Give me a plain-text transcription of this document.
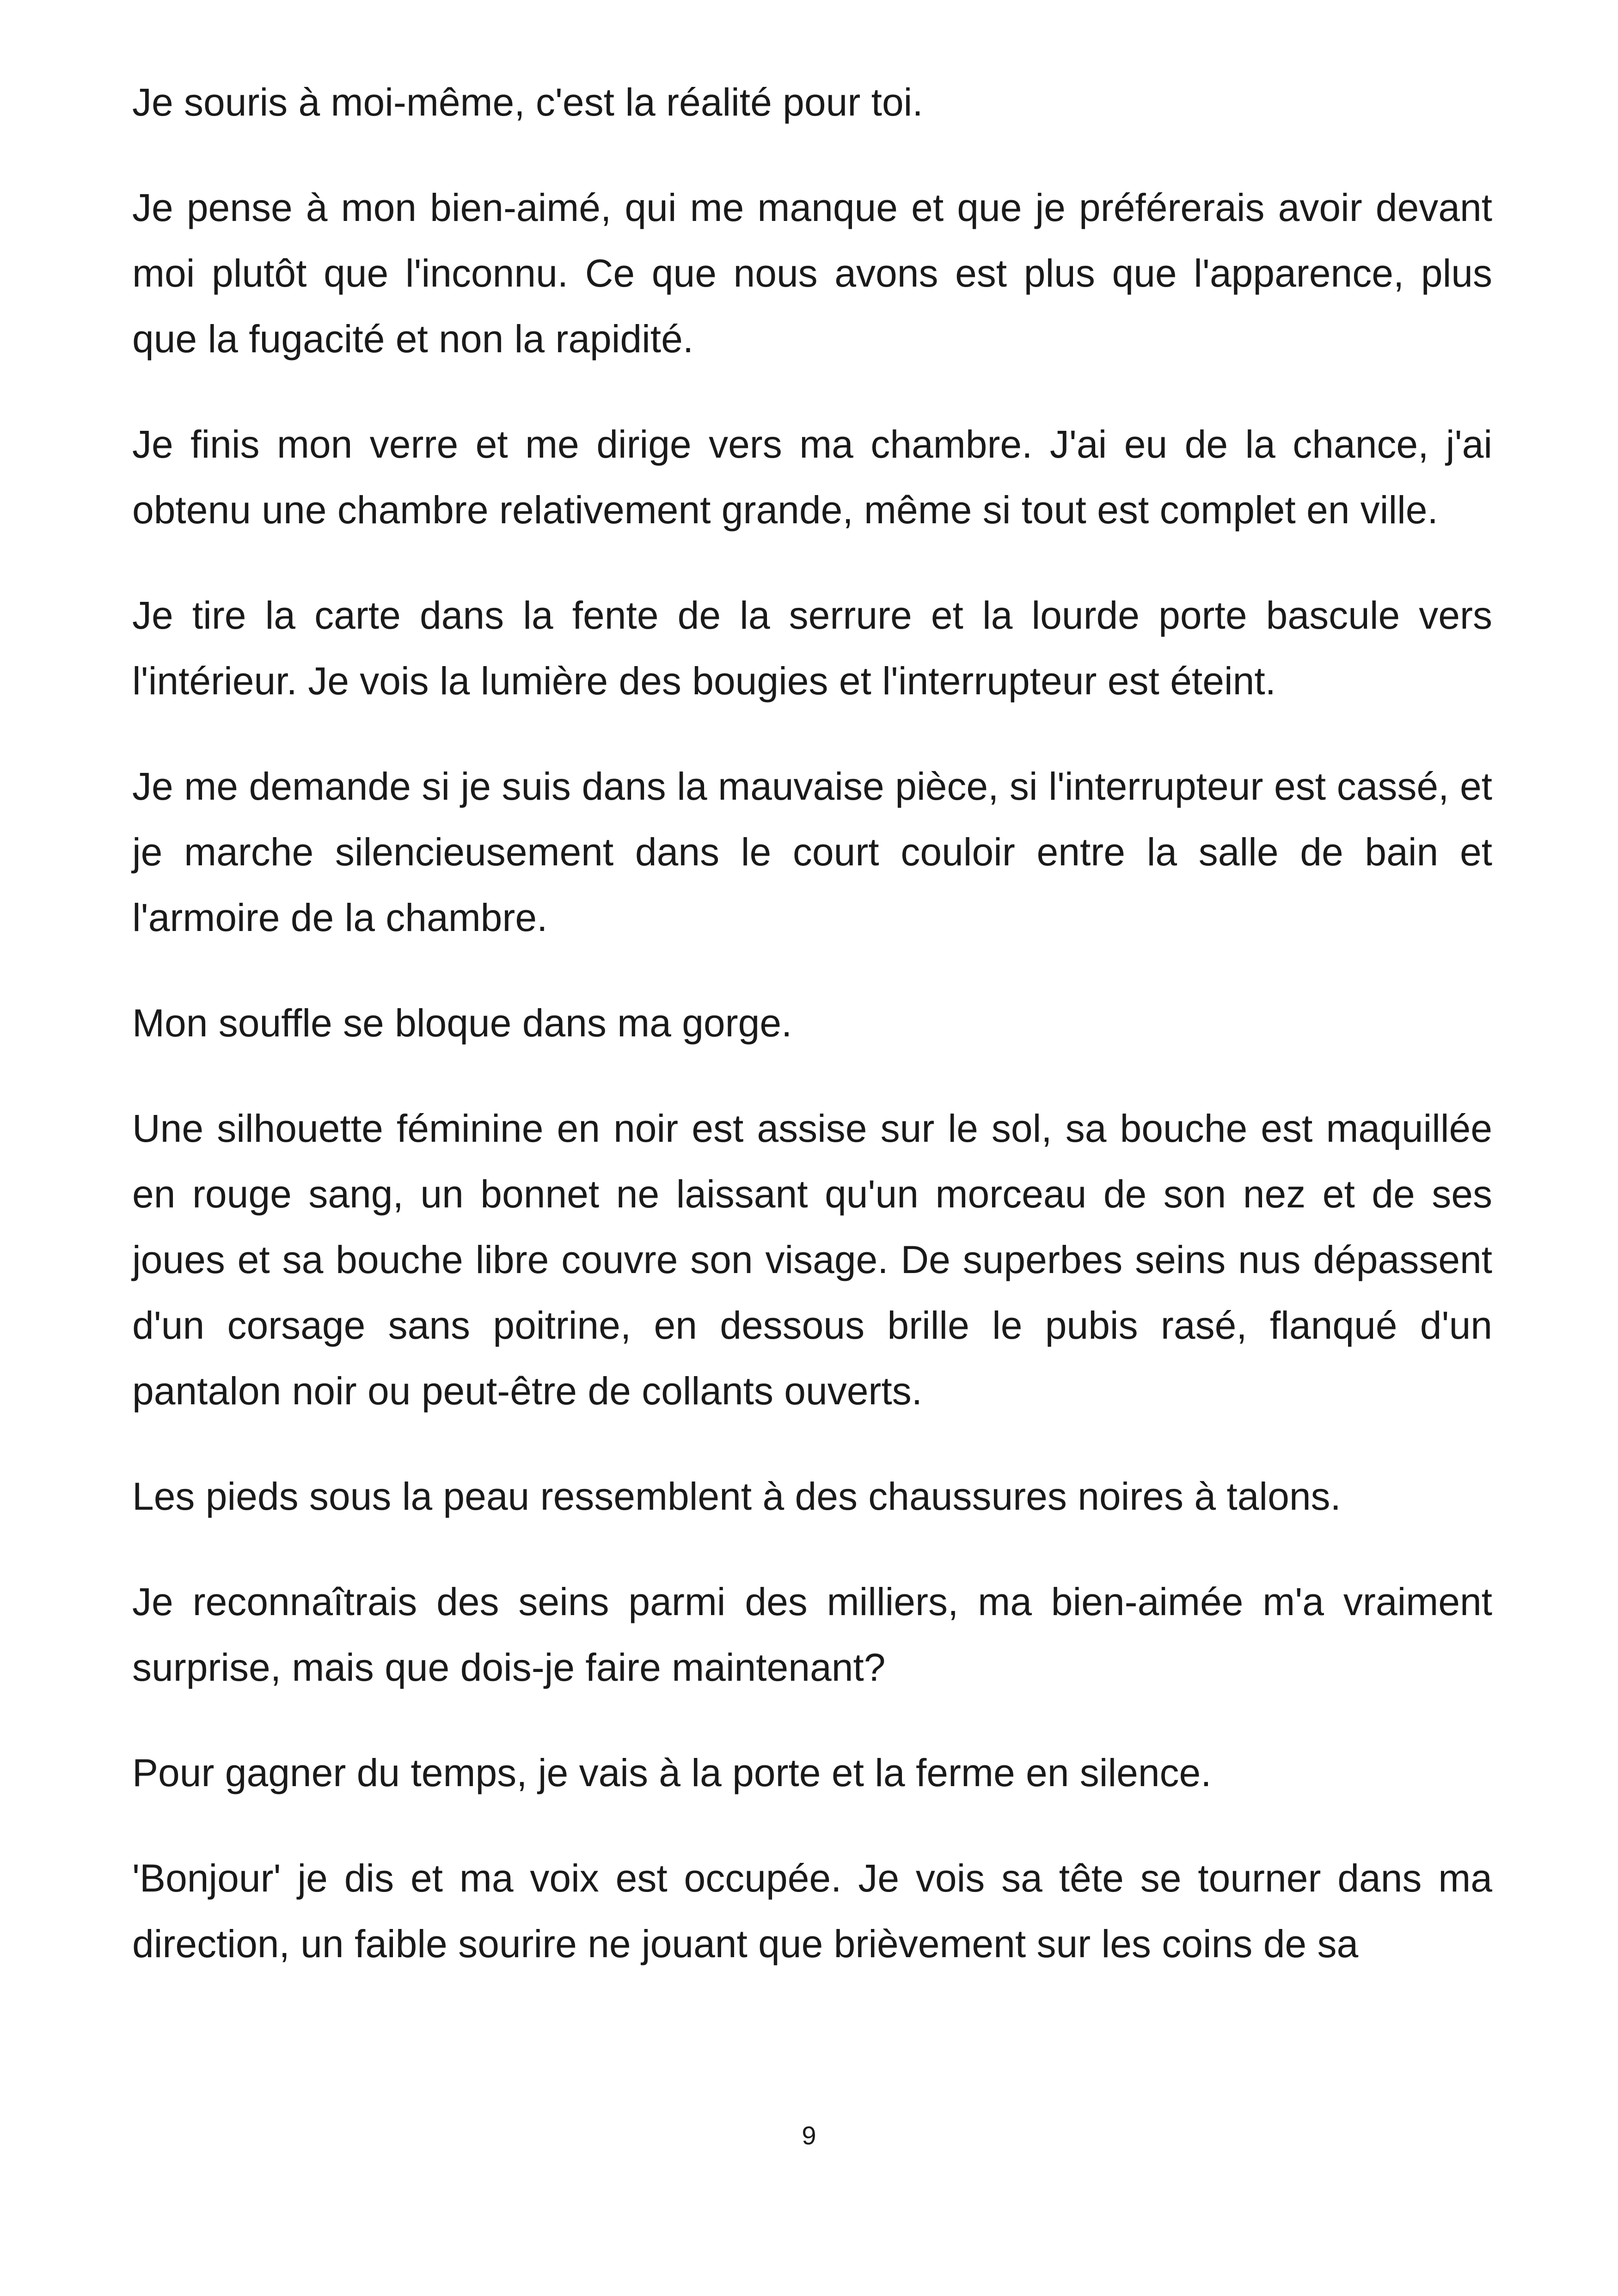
Je souris à moi-même, c'est la réalité pour toi.

Je pense à mon bien-aimé, qui me manque et que je préférerais avoir devant moi plutôt que l'inconnu. Ce que nous avons est plus que l'apparence, plus que la fugacité et non la rapidité.

Je finis mon verre et me dirige vers ma chambre. J'ai eu de la chance, j'ai obtenu une chambre relativement grande, même si tout est complet en ville.

Je tire la carte dans la fente de la serrure et la lourde porte bascule vers l'intérieur. Je vois la lumière des bougies et l'interrupteur est éteint.

Je me demande si je suis dans la mauvaise pièce, si l'interrupteur est cassé, et je marche silencieusement dans le court couloir entre la salle de bain et l'armoire de la chambre.

Mon souffle se bloque dans ma gorge.

Une silhouette féminine en noir est assise sur le sol, sa bouche est maquillée en rouge sang, un bonnet ne laissant qu'un morceau de son nez et de ses joues et sa bouche libre couvre son visage. De superbes seins nus dépassent d'un corsage sans poitrine, en dessous brille le pubis rasé, flanqué d'un pantalon noir ou peut-être de collants ouverts.

Les pieds sous la peau ressemblent à des chaussures noires à talons.

Je reconnaîtrais des seins parmi des milliers, ma bien-aimée m'a vraiment surprise, mais que dois-je faire maintenant?

Pour gagner du temps, je vais à la porte et la ferme en silence.

'Bonjour' je dis et ma voix est occupée. Je vois sa tête se tourner dans ma direction, un faible sourire ne jouant que brièvement sur les coins de sa

9
